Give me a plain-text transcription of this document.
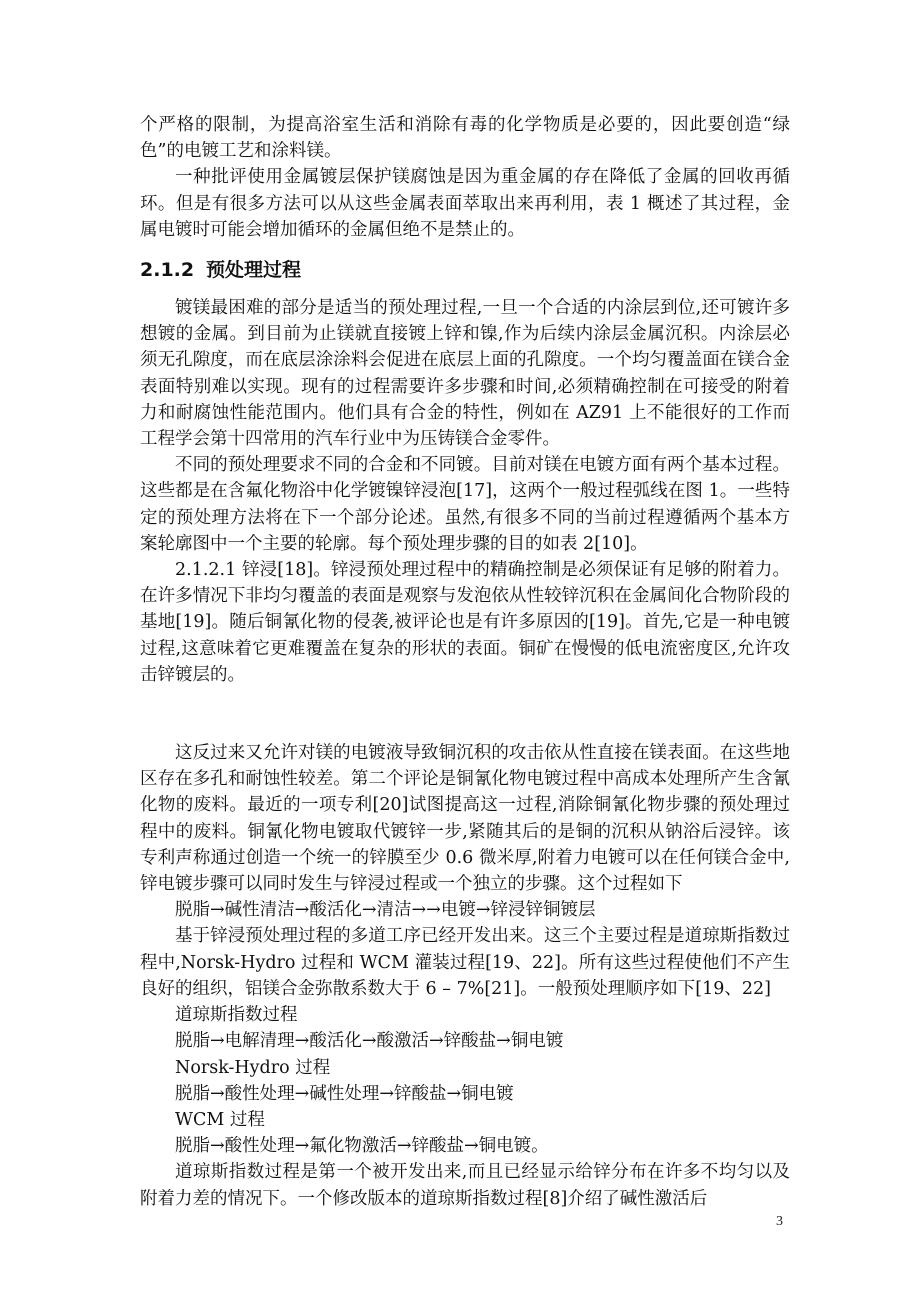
个严格的限制，为提高浴室生活和消除有毒的化学物质是必要的，因此要创造“绿色”的电镀工艺和涂料镁。

一种批评使用金属镀层保护镁腐蚀是因为重金属的存在降低了金属的回收再循环。但是有很多方法可以从这些金属表面萃取出来再利用，表 1 概述了其过程，金属电镀时可能会增加循环的金属但绝不是禁止的。

2.1.2 预处理过程

镀镁最困难的部分是适当的预处理过程,一旦一个合适的内涂层到位,还可镀许多想镀的金属。到目前为止镁就直接镀上锌和镍,作为后续内涂层金属沉积。内涂层必须无孔隙度，而在底层涂涂料会促进在底层上面的孔隙度。一个均匀覆盖面在镁合金表面特别难以实现。现有的过程需要许多步骤和时间,必须精确控制在可接受的附着力和耐腐蚀性能范围内。他们具有合金的特性，例如在 AZ91 上不能很好的工作而工程学会第十四常用的汽车行业中为压铸镁合金零件。

不同的预处理要求不同的合金和不同镀。目前对镁在电镀方面有两个基本过程。这些都是在含氟化物浴中化学镀镍锌浸泡[17]，这两个一般过程弧线在图 1。一些特定的预处理方法将在下一个部分论述。虽然,有很多不同的当前过程遵循两个基本方案轮廓图中一个主要的轮廓。每个预处理步骤的目的如表 2[10]。

2.1.2.1 锌浸[18]。锌浸预处理过程中的精确控制是必须保证有足够的附着力。在许多情况下非均匀覆盖的表面是观察与发泡依从性较锌沉积在金属间化合物阶段的基地[19]。随后铜氰化物的侵袭,被评论也是有许多原因的[19]。首先,它是一种电镀过程,这意味着它更难覆盖在复杂的形状的表面。铜矿在慢慢的低电流密度区,允许攻击锌镀层的。

这反过来又允许对镁的电镀液导致铜沉积的攻击依从性直接在镁表面。在这些地区存在多孔和耐蚀性较差。第二个评论是铜氰化物电镀过程中高成本处理所产生含氰化物的废料。最近的一项专利[20]试图提高这一过程,消除铜氰化物步骤的预处理过程中的废料。铜氰化物电镀取代镀锌一步,紧随其后的是铜的沉积从钠浴后浸锌。该专利声称通过创造一个统一的锌膜至少 0.6 微米厚,附着力电镀可以在任何镁合金中,锌电镀步骤可以同时发生与锌浸过程或一个独立的步骤。这个过程如下

脱脂→碱性清洁→酸活化→清洁→→电镀→锌浸锌铜镀层

基于锌浸预处理过程的多道工序已经开发出来。这三个主要过程是道琼斯指数过程中,Norsk-Hydro 过程和 WCM 灌装过程[19、22]。所有这些过程使他们不产生良好的组织，铝镁合金弥散系数大于 6 – 7%[21]。一般预处理顺序如下[19、22]

道琼斯指数过程

脱脂→电解清理→酸活化→酸激活→锌酸盐→铜电镀

Norsk-Hydro 过程

脱脂→酸性处理→碱性处理→锌酸盐→铜电镀

WCM 过程

脱脂→酸性处理→氟化物激活→锌酸盐→铜电镀。

道琼斯指数过程是第一个被开发出来,而且已经显示给锌分布在许多不均匀以及附着力差的情况下。一个修改版本的道琼斯指数过程[8]介绍了碱性激活后

3
